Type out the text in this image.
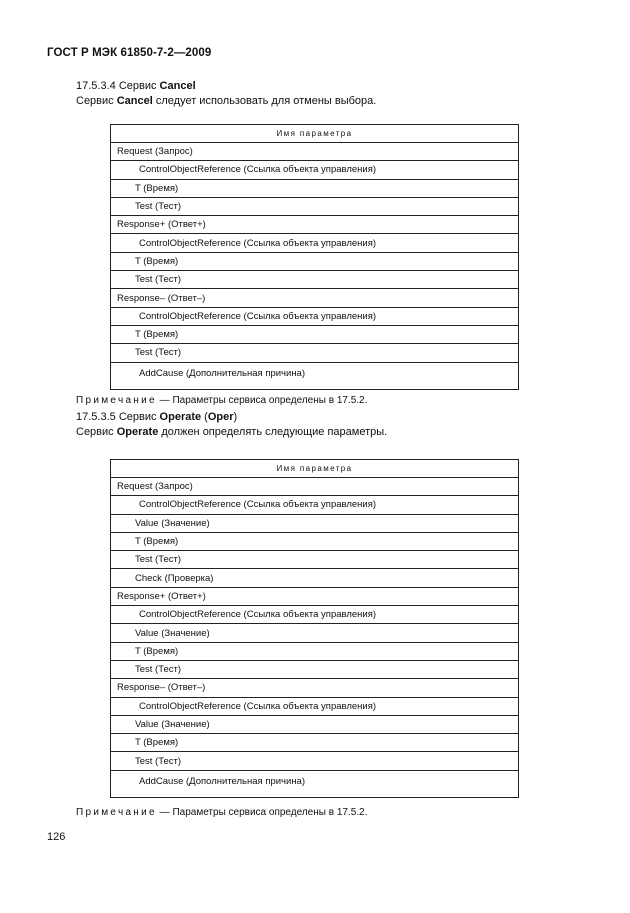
ГОСТ Р МЭК 61850-7-2—2009
17.5.3.4 Сервис Cancel
Сервис Cancel следует использовать для отмены выбора.
Имя параметра
Request (Запрос)
ControlObjectReference (Ссылка объекта управления)
T (Время)
Test (Тест)
Response+ (Ответ+)
ControlObjectReference (Ссылка объекта управления)
T (Время)
Test (Тест)
Response– (Ответ–)
ControlObjectReference (Ссылка объекта управления)
T (Время)
Test (Тест)
AddCause (Дополнительная причина)
Примечание — Параметры сервиса определены в 17.5.2.
17.5.3.5 Сервис Operate (Oper)
Сервис Operate должен определять следующие параметры.
Имя параметра
Request (Запрос)
ControlObjectReference (Ссылка объекта управления)
Value (Значение)
T (Время)
Test (Тест)
Check (Проверка)
Response+ (Ответ+)
ControlObjectReference (Ссылка объекта управления)
Value (Значение)
T (Время)
Test (Тест)
Response– (Ответ–)
ControlObjectReference (Ссылка объекта управления)
Value (Значение)
T (Время)
Test (Тест)
AddCause (Дополнительная причина)
Примечание — Параметры сервиса определены в 17.5.2.
126
